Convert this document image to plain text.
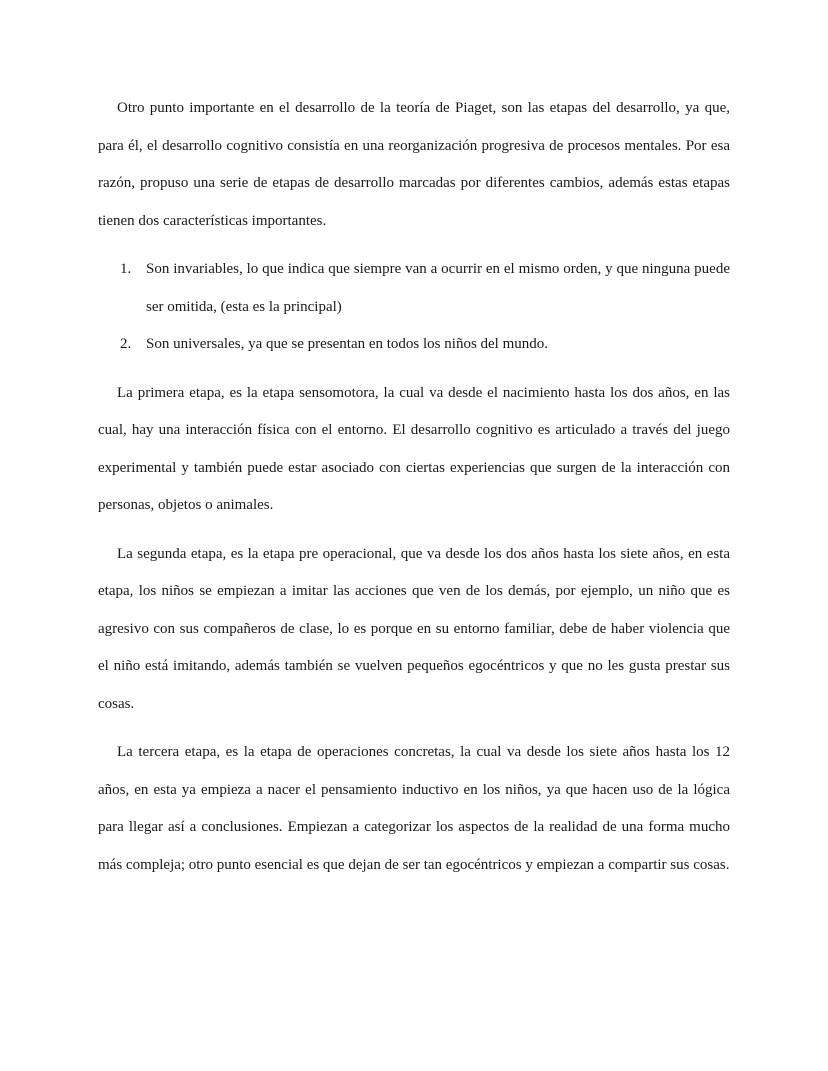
Otro punto importante en el desarrollo de la teoría de Piaget, son las etapas del desarrollo, ya que, para él, el desarrollo cognitivo consistía en una reorganización progresiva de procesos mentales. Por esa razón, propuso una serie de etapas de desarrollo marcadas por diferentes cambios, además estas etapas tienen dos características importantes.

1. Son invariables, lo que indica que siempre van a ocurrir en el mismo orden, y que ninguna puede ser omitida, (esta es la principal)
2. Son universales, ya que se presentan en todos los niños del mundo.

La primera etapa, es la etapa sensomotora, la cual va desde el nacimiento hasta los dos años, en las cual, hay una interacción física con el entorno. El desarrollo cognitivo es articulado a través del juego experimental y también puede estar asociado con ciertas experiencias que surgen de la interacción con personas, objetos o animales.

La segunda etapa, es la etapa pre operacional, que va desde los dos años hasta los siete años, en esta etapa, los niños se empiezan a imitar las acciones que ven de los demás, por ejemplo, un niño que es agresivo con sus compañeros de clase, lo es porque en su entorno familiar, debe de haber violencia que el niño está imitando, además también se vuelven pequeños egocéntricos y que no les gusta prestar sus cosas.

La tercera etapa, es la etapa de operaciones concretas, la cual va desde los siete años hasta los 12 años, en esta ya empieza a nacer el pensamiento inductivo en los niños, ya que hacen uso de la lógica para llegar así a conclusiones. Empiezan a categorizar los aspectos de la realidad de una forma mucho más compleja; otro punto esencial es que dejan de ser tan egocéntricos y empiezan a compartir sus cosas.
